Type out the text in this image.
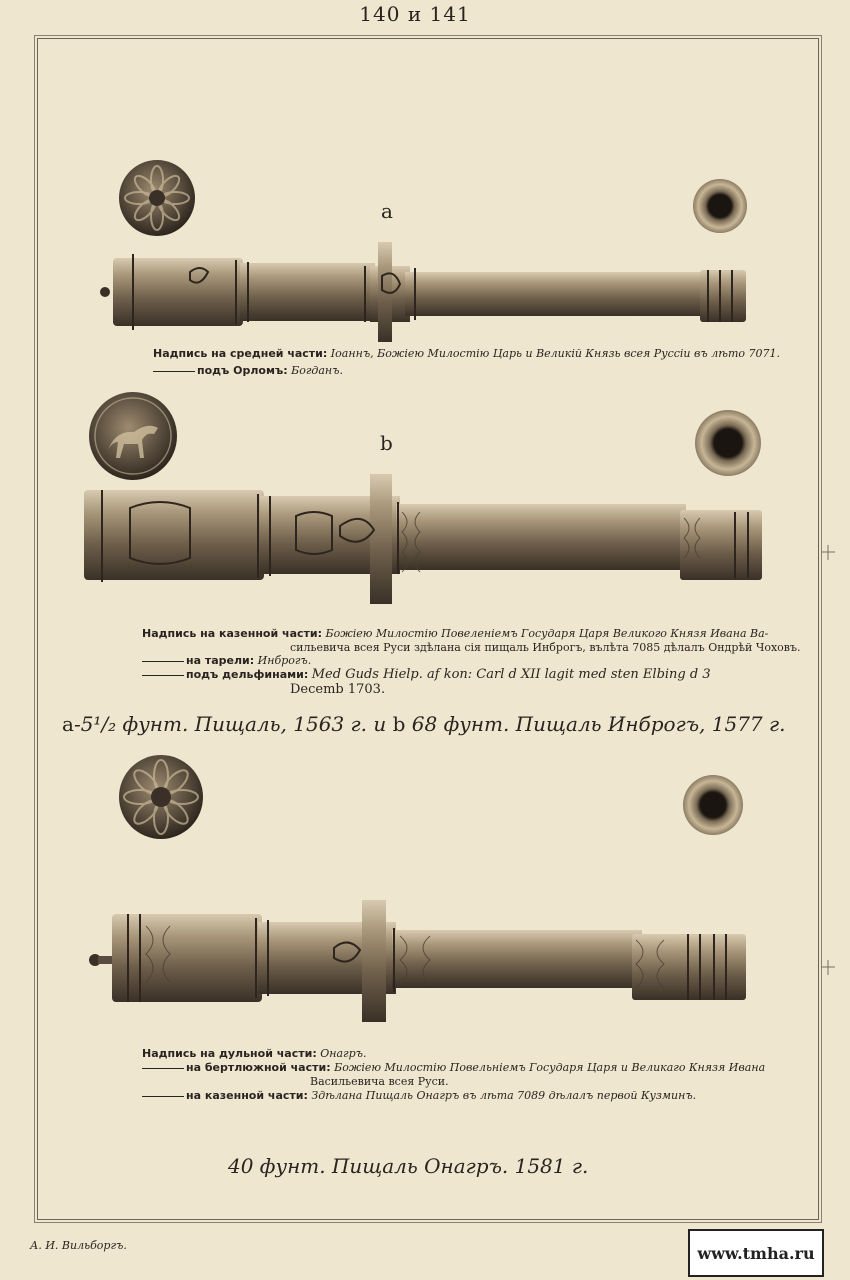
140 и 141
a
Надпись на средней части: Іоаннъ, Божiею Милостiю Царь и Великiй Князь всея Руссiи въ лѣто 7071.
подъ Орломъ: Богданъ.
b
Надпись на казенной части: Божiею Милостiю Повеленiемъ Государя Царя Великого Князя Ивана Ва-
сильевича всея Руси здѣлана сiя пищаль Инброгъ, вълѣта 7085 дѣлалъ Ондрѣй Чоховъ.
на тарели: Инброгъ.
подъ дельфинами: Med Guds Hielp. af kon: Carl d XII lagit med sten Elbing d 3
Decemb 1703.
a-5¹/₂ фунт. Пищаль, 1563 г. и b 68 фунт. Пищаль Инброгъ, 1577 г.
Надпись на дульной части: Онагръ.
на бертлюжной части: Божiею Милостiю Повельнiемъ Государя Царя и Великаго Князя Ивана
Васильевича всея Руси.
на казенной части: Здѣлана Пищаль Онагръ въ лѣта 7089 дѣлалъ первой Кузминъ.
40 фунт. Пищаль Онагръ. 1581 г.
А. И. Вильборгъ.	www.tmha.ru
